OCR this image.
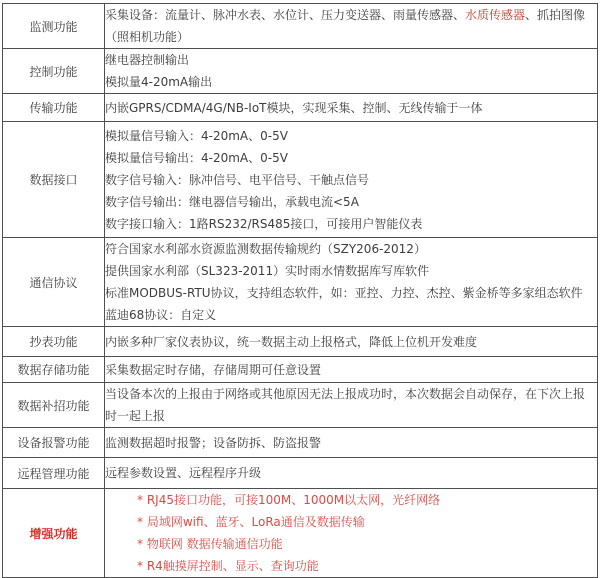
监测功能	采集设备：流量计、脉冲水表、水位计、压力变送器、雨量传感器、水质传感器、抓拍图像
（照相机功能）

控制功能	继电器控制输出
模拟量4-20mA输出

传输功能	内嵌GPRS/CDMA/4G/NB-IoT模块，实现采集、控制、无线传输于一体

数据接口	模拟量信号输入：4-20mA、0-5V
模拟量信号输出：4-20mA、0-5V
数字信号输入：脉冲信号、电平信号、干触点信号
数字信号输出：继电器信号输出，承载电流<5A
数字接口输入：1路RS232/RS485接口，可接用户智能仪表

通信协议	符合国家水利部水资源监测数据传输规约（SZY206-2012）
提供国家水利部（SL323-2011）实时雨水情数据库写库软件
标准MODBUS-RTU协议，支持组态软件，如：亚控、力控、杰控、紫金桥等多家组态软件
蓝迪68协议：自定义

抄表功能	内嵌多种厂家仪表协议，统一数据主动上报格式，降低上位机开发难度

数据存储功能	采集数据定时存储，存储周期可任意设置

数据补招功能	当设备本次的上报由于网络或其他原因无法上报成功时，本次数据会自动保存，在下次上报
时一起上报

设备报警功能	监测数据超时报警；设备防拆、防盗报警

远程管理功能	远程参数设置、远程程序升级

增强功能	* RJ45接口功能，可接100M、1000M以太网，光纤网络
* 局域网wifi、蓝牙、LoRa通信及数据传输
* 物联网 数据传输通信功能
* R4触摸屏控制、显示、查询功能
